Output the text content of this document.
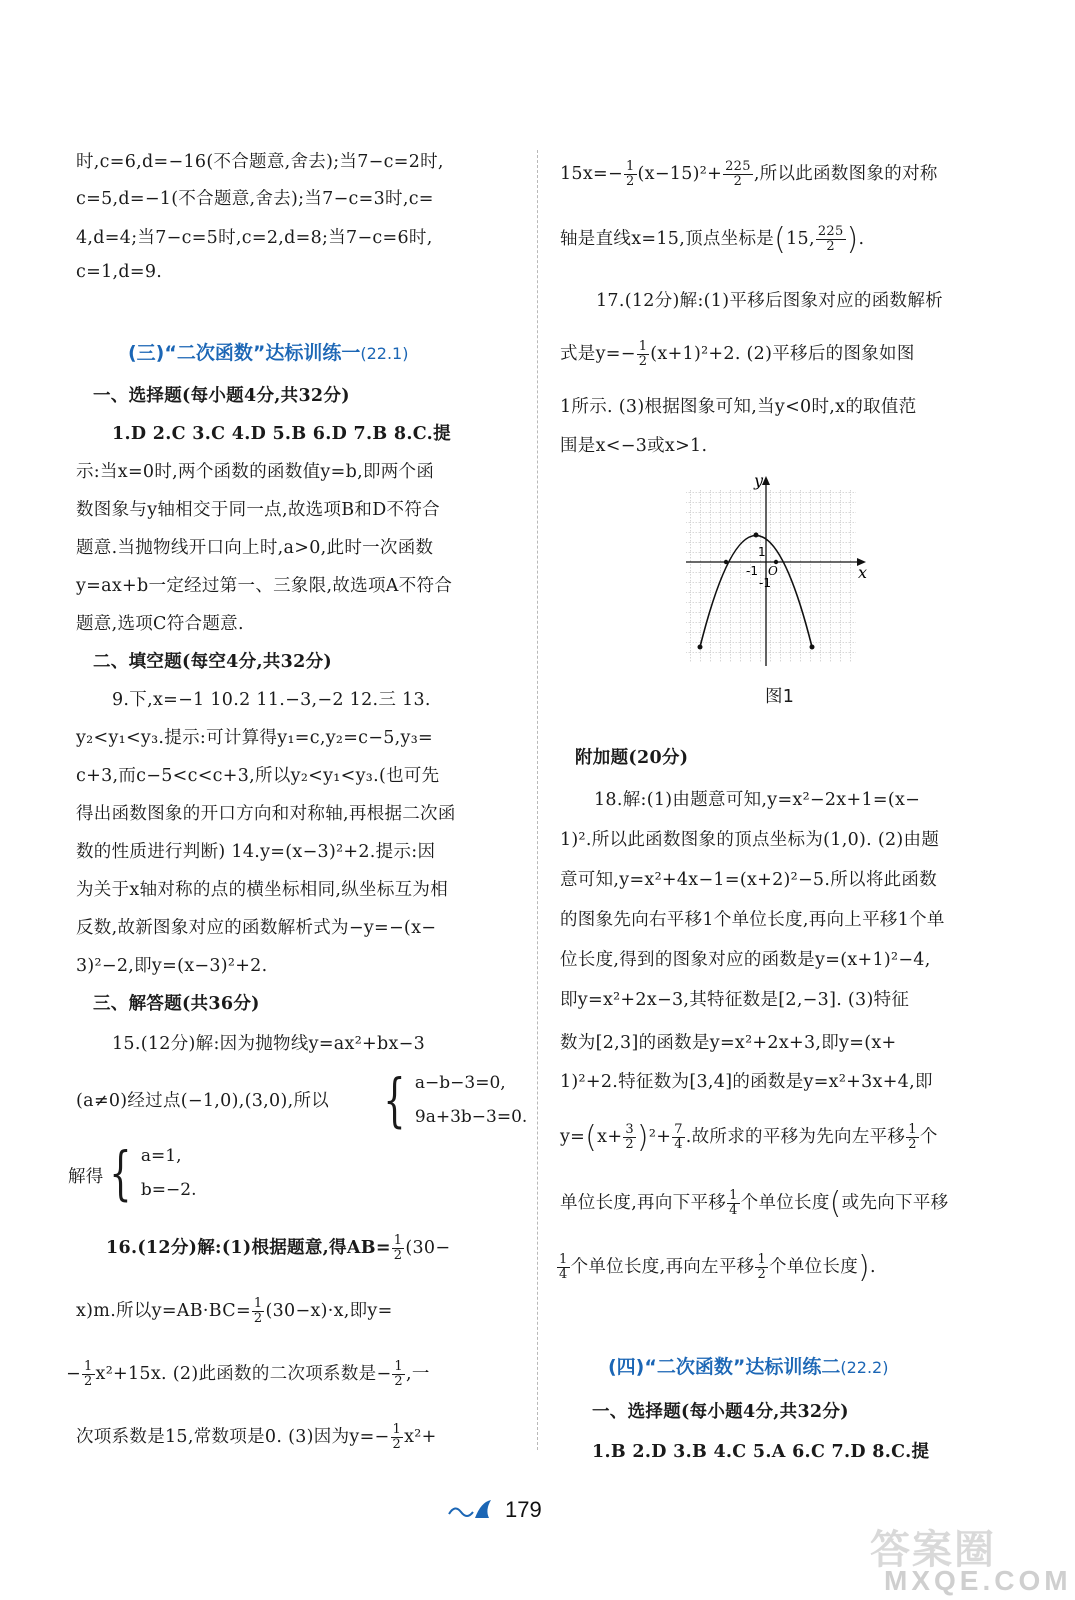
时,c=6,d=−16(不合题意,舍去);当7−c=2时,
c=5,d=−1(不合题意,舍去);当7−c=3时,c=
4,d=4;当7−c=5时,c=2,d=8;当7−c=6时,
c=1,d=9.
(三)“二次函数”达标训练一(22.1)
一、选择题(每小题4分,共32分)
1.D 2.C 3.C 4.D 5.B 6.D 7.B 8.C.提
示:当x=0时,两个函数的函数值y=b,即两个函
数图象与y轴相交于同一点,故选项B和D不符合
题意.当抛物线开口向上时,a>0,此时一次函数
y=ax+b一定经过第一、三象限,故选项A不符合
题意,选项C符合题意.
二、填空题(每空4分,共32分)
9.下,x=−1 10.2 11.−3,−2 12.三 13.
y₂<y₁<y₃.提示:可计算得y₁=c,y₂=c−5,y₃=
c+3,而c−5<c<c+3,所以y₂<y₁<y₃.(也可先
得出函数图象的开口方向和对称轴,再根据二次函
数的性质进行判断) 14.y=(x−3)²+2.提示:因
为关于x轴对称的点的横坐标相同,纵坐标互为相
反数,故新图象对应的函数解析式为−y=−(x−
3)²−2,即y=(x−3)²+2.
三、解答题(共36分)
15.(12分)解:因为抛物线y=ax²+bx−3
(a≠0)经过点(−1,0),(3,0),所以 { a−b−3=0,
9a+3b−3=0.
解得 { a=1,
b=−2.
16.(12分)解:(1)根据题意,得$AB= \frac{1}{2} (30-$
x)m.所以$y=AB\cdot BC= \frac{1}{2} (30-x)\cdot x$,即y=
− $\frac{1}{2} x^2+15x$. (2)此函数的二次项系数是− $\frac{1}{2}$ ,一
次项系数是15,常数项是0. (3)因为$y=- \frac{1}{2} x^2+$
$15x=- \frac{1}{2} (x-15)^2+ \frac{225}{2}$ ,所以此函数图象的对称
轴是直线x=15,顶点坐标是(15, $\frac{225}{2}$ ).
17.(12分)解:(1)平移后图象对应的函数解析
式是$y=- \frac{1}{2} (x+1)^2+2$. (2)平移后的图象如图
1所示. (3)根据图象可知,当y<0时,x的取值范
围是x<−3或x>1.
x
y
1
-1 O
-1
图1
附加题(20分)
18.解:(1)由题意可知,y=x²−2x+1=(x−
1)².所以此函数图象的顶点坐标为(1,0). (2)由题
意可知,y=x²+4x−1=(x+2)²−5.所以将此函数
的图象先向右平移1个单位长度,再向上平移1个单
位长度,得到的图象对应的函数是y=(x+1)²−4,
即y=x²+2x−3,其特征数是[2,−3]. (3)特征
数为[2,3]的函数是y=x²+2x+3,即y=(x+
1)²+2.特征数为[3,4]的函数是y=x²+3x+4,即
$y=(x+ \frac{3}{2} )^2+ \frac{7}{4}$ .故所求的平移为先向左平移 $\frac{1}{2}$ 个
单位长度,再向下平移 $\frac{1}{4}$ 个单位长度(或先向下平移
$\frac{1}{4}$ 个单位长度,再向左平移 $\frac{1}{2}$ 个单位长度).
(四)“二次函数”达标训练二(22.2)
一、选择题(每小题4分,共32分)
1.B 2.D 3.B 4.C 5.A 6.C 7.D 8.C.提
179
答案圈
MXQE.COM
